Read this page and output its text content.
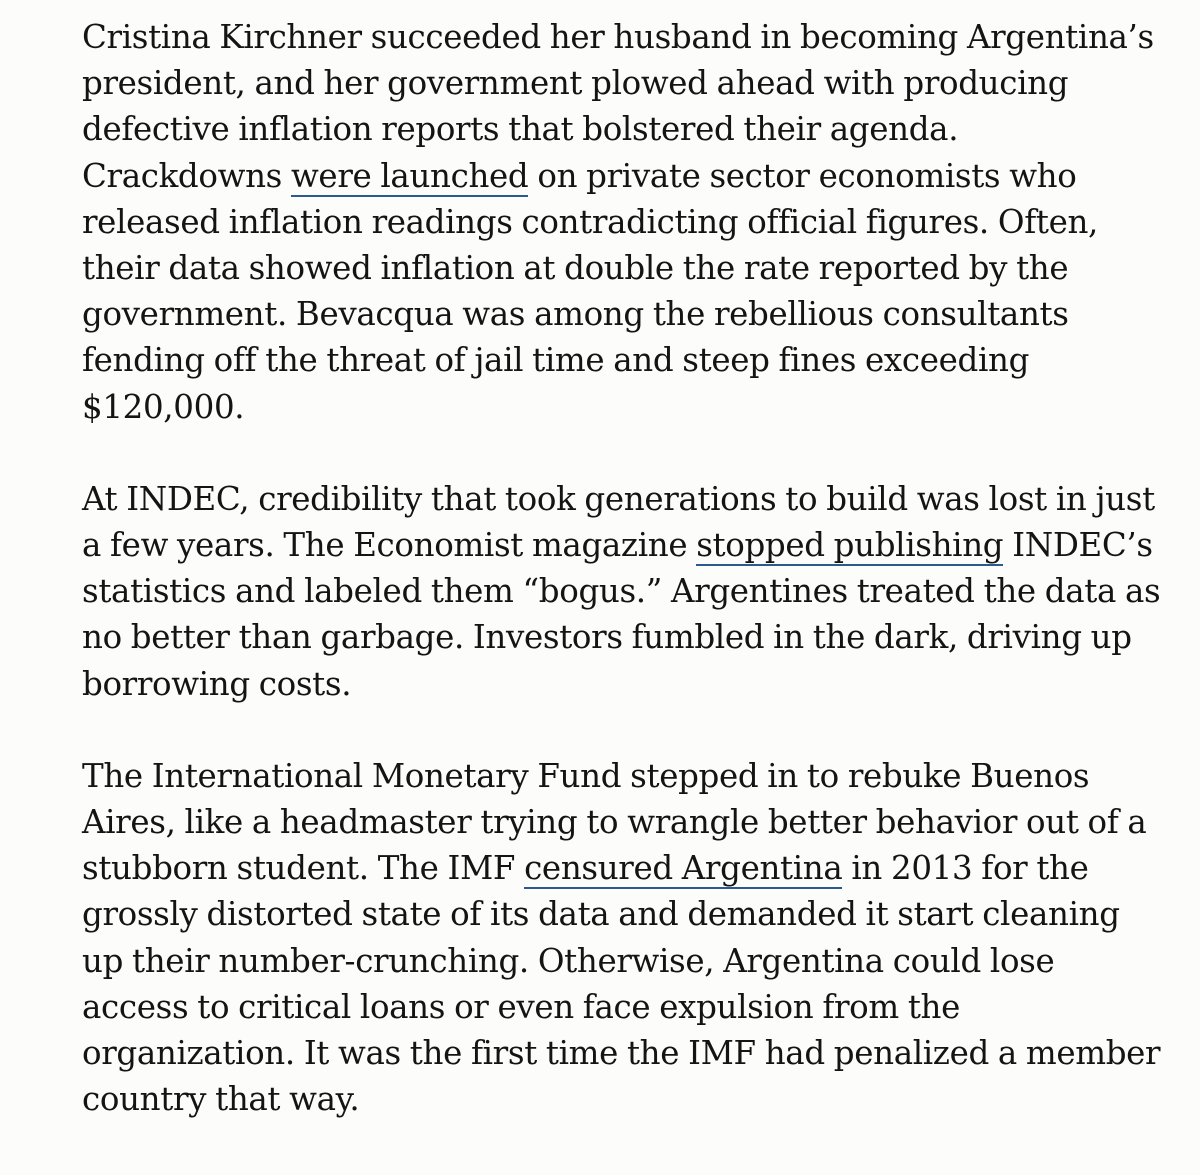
Cristina Kirchner succeeded her husband in becoming Argentina’s president, and her government plowed ahead with producing defective inflation reports that bolstered their agenda. Crackdowns were launched on private sector economists who released inflation readings contradicting official figures. Often, their data showed inflation at double the rate reported by the government. Bevacqua was among the rebellious consultants fending off the threat of jail time and steep fines exceeding $120,000.

At INDEC, credibility that took generations to build was lost in just a few years. The Economist magazine stopped publishing INDEC’s statistics and labeled them “bogus.” Argentines treated the data as no better than garbage. Investors fumbled in the dark, driving up borrowing costs.

The International Monetary Fund stepped in to rebuke Buenos Aires, like a headmaster trying to wrangle better behavior out of a stubborn student. The IMF censured Argentina in 2013 for the grossly distorted state of its data and demanded it start cleaning up their number-crunching. Otherwise, Argentina could lose access to critical loans or even face expulsion from the organization. It was the first time the IMF had penalized a member country that way.
